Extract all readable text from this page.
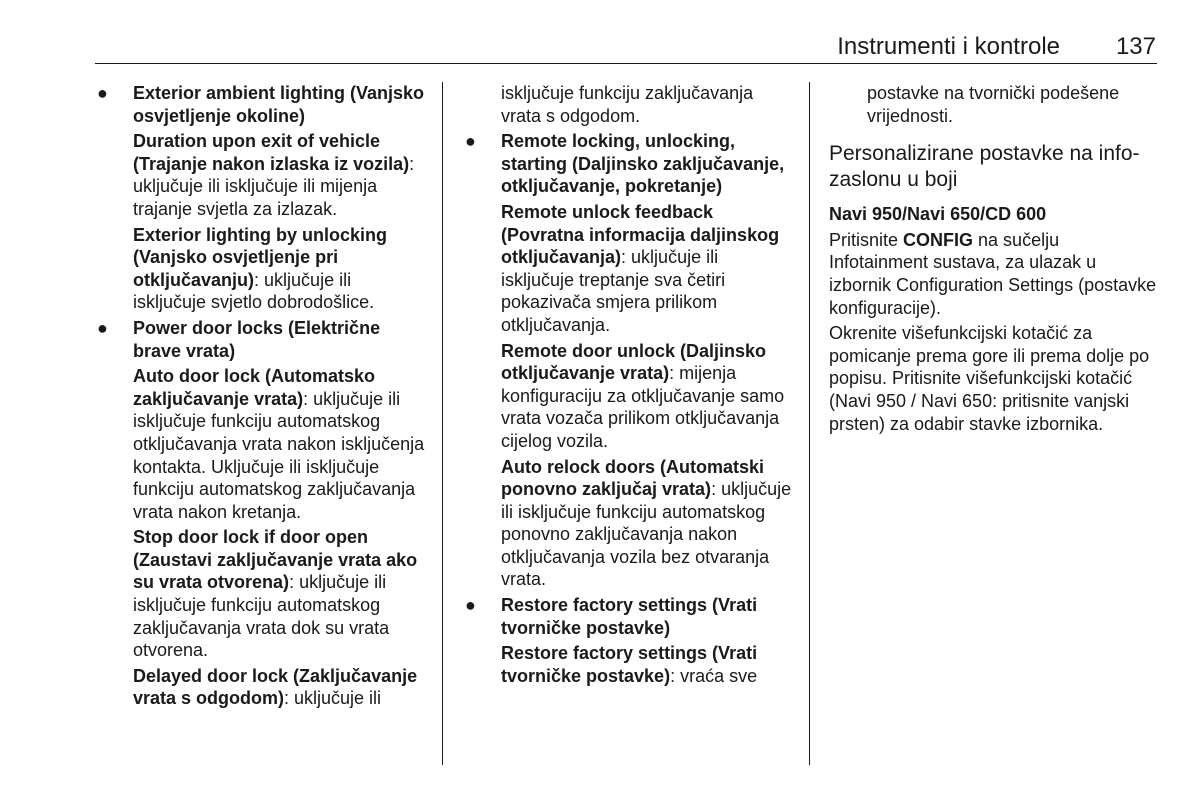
Instrumenti i kontrole	137
● Exterior ambient lighting (Vanjsko osvjetljenje okoline)

Duration upon exit of vehicle (Trajanje nakon izlaska iz vozila): uključuje ili isključuje ili mijenja trajanje svjetla za izlazak.

Exterior lighting by unlocking (Vanjsko osvjetljenje pri otključavanju): uključuje ili isključuje svjetlo dobrodošlice.

● Power door locks (Električne brave vrata)

Auto door lock (Automatsko zaključavanje vrata): uključuje ili isključuje funkciju automatskog otključavanja vrata nakon isključenja kontakta. Uključuje ili isključuje funkciju automatskog zaključavanja vrata nakon kretanja.

Stop door lock if door open (Zaustavi zaključavanje vrata ako su vrata otvorena): uključuje ili isključuje funkciju automatskog zaključavanja vrata dok su vrata otvorena.

Delayed door lock (Zaključavanje vrata s odgodom): uključuje ili

isključuje funkciju zaključavanja vrata s odgodom.

● Remote locking, unlocking, starting (Daljinsko zaključavanje, otključavanje, pokretanje)

Remote unlock feedback (Povratna informacija daljinskog otključavanja): uključuje ili isključuje treptanje sva četiri pokazivača smjera prilikom otključavanja.

Remote door unlock (Daljinsko otključavanje vrata): mijenja konfiguraciju za otključavanje samo vrata vozača prilikom otključavanja cijelog vozila.

Auto relock doors (Automatski ponovno zaključaj vrata): uključuje ili isključuje funkciju automatskog ponovno zaključavanja nakon otključavanja vozila bez otvaranja vrata.

● Restore factory settings (Vrati tvorničke postavke)

Restore factory settings (Vrati tvorničke postavke): vraća sve

postavke na tvornički podešene vrijednosti.

Personalizirane postavke na info-zaslonu u boji

Navi 950/Navi 650/CD 600

Pritisnite CONFIG na sučelju Infotainment sustava, za ulazak u izbornik Configuration Settings (postavke konfiguracije).

Okrenite višefunkcijski kotačić za pomicanje prema gore ili prema dolje po popisu. Pritisnite višefunkcijski kotačić (Navi 950 / Navi 650: pritisnite vanjski prsten) za odabir stavke izbornika.
